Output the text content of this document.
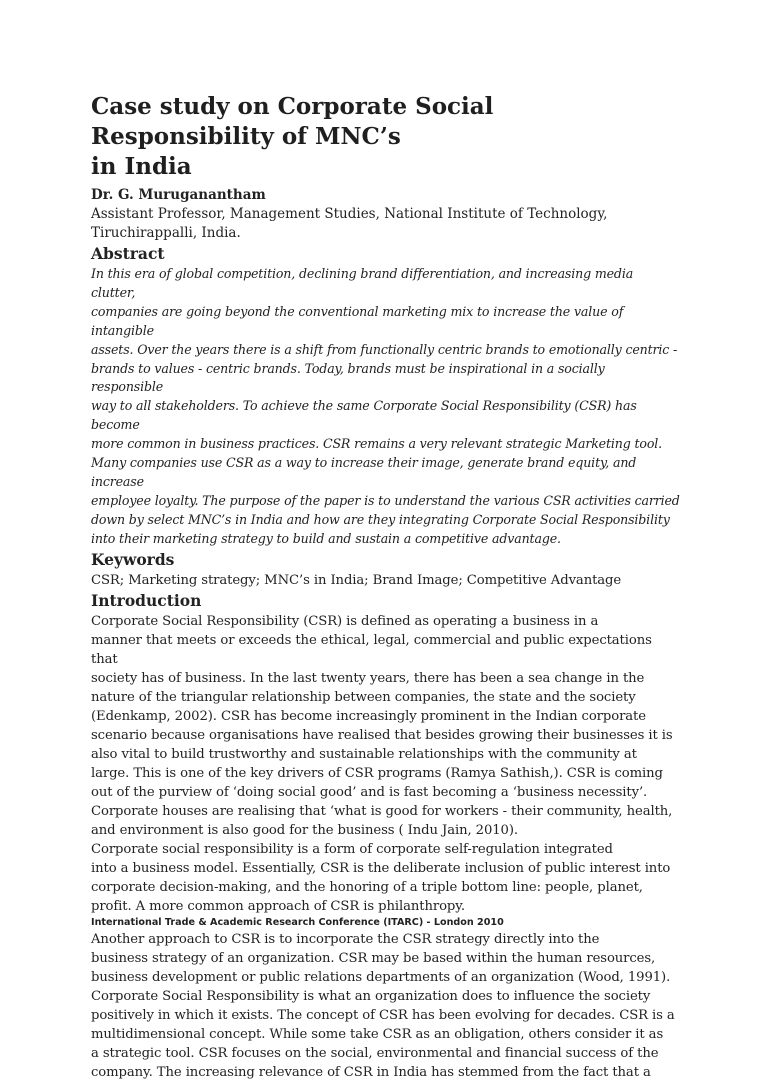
Case study on Corporate Social Responsibility of MNC’s
in India

Dr. G. Muruganantham

Assistant Professor, Management Studies, National Institute of Technology,
Tiruchirappalli, India.
Abstract
In this era of global competition, declining brand differentiation, and increasing media clutter,
companies are going beyond the conventional marketing mix to increase the value of intangible
assets. Over the years there is a shift from functionally centric brands to emotionally centric -
brands to values - centric brands. Today, brands must be inspirational in a socially responsible
way to all stakeholders. To achieve the same Corporate Social Responsibility (CSR) has become
more common in business practices. CSR remains a very relevant strategic Marketing tool.
Many companies use CSR as a way to increase their image, generate brand equity, and increase
employee loyalty. The purpose of the paper is to understand the various CSR activities carried
down by select MNC’s in India and how are they integrating Corporate Social Responsibility
into their marketing strategy to build and sustain a competitive advantage.
Keywords

CSR; Marketing strategy; MNC’s in India; Brand Image; Competitive Advantage

Introduction
Corporate Social Responsibility (CSR) is defined as operating a business in a
manner that meets or exceeds the ethical, legal, commercial and public expectations that
society has of business. In the last twenty years, there has been a sea change in the
nature of the triangular relationship between companies, the state and the society
(Edenkamp, 2002). CSR has become increasingly prominent in the Indian corporate
scenario because organisations have realised that besides growing their businesses it is
also vital to build trustworthy and sustainable relationships with the community at
large. This is one of the key drivers of CSR programs (Ramya Sathish,). CSR is coming
out of the purview of ‘doing social good’ and is fast becoming a ‘business necessity’.
Corporate houses are realising that ‘what is good for workers - their community, health,
and environment is also good for the business ( Indu Jain, 2010).
Corporate social responsibility is a form of corporate self-regulation integrated
into a business model. Essentially, CSR is the deliberate inclusion of public interest into
corporate decision-making, and the honoring of a triple bottom line: people, planet,
profit. A more common approach of CSR is philanthropy.

International Trade & Academic Research Conference (ITARC) - London 2010

Another approach to CSR is to incorporate the CSR strategy directly into the
business strategy of an organization. CSR may be based within the human resources,
business development or public relations departments of an organization (Wood, 1991).
Corporate Social Responsibility is what an organization does to influence the society
positively in which it exists. The concept of CSR has been evolving for decades. CSR is a
multidimensional concept. While some take CSR as an obligation, others consider it as
a strategic tool. CSR focuses on the social, environmental and financial success of the
company. The increasing relevance of CSR in India has stemmed from the fact that a
